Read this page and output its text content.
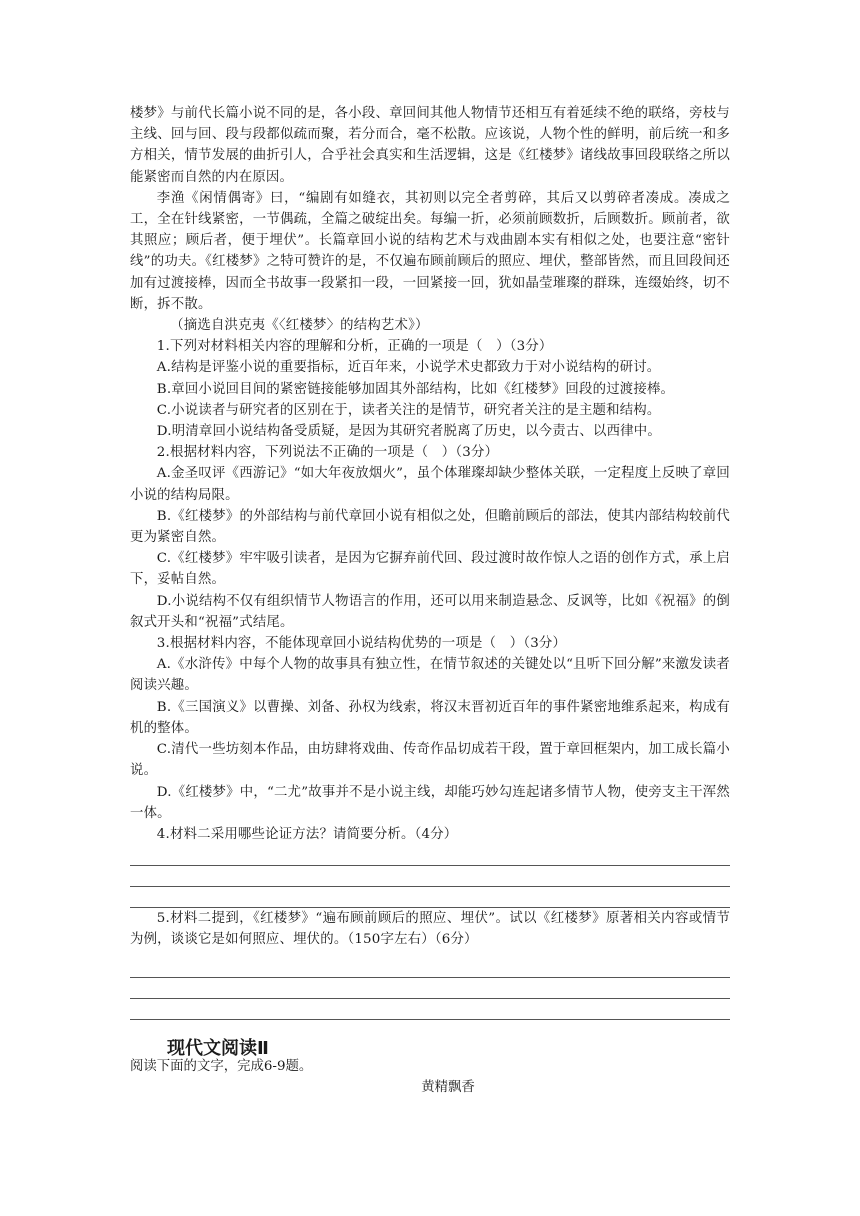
楼梦》与前代长篇小说不同的是，各小段、章回间其他人物情节还相互有着延续不绝的联络，旁枝与主线、回与回、段与段都似疏而聚，若分而合，毫不松散。应该说，人物个性的鲜明，前后统一和多方相关，情节发展的曲折引人，合乎社会真实和生活逻辑，这是《红楼梦》诸线故事回段联络之所以能紧密而自然的内在原因。

李渔《闲情偶寄》曰，“编剧有如缝衣，其初则以完全者剪碎，其后又以剪碎者凑成。凑成之工，全在针线紧密，一节偶疏，全篇之破绽出矣。每编一折，必须前顾数折，后顾数折。顾前者，欲其照应；顾后者，便于埋伏”。长篇章回小说的结构艺术与戏曲剧本实有相似之处，也要注意“密针线”的功夫。《红楼梦》之特可赞许的是，不仅遍布顾前顾后的照应、埋伏，整部皆然，而且回段间还加有过渡接棒，因而全书故事一段紧扣一段，一回紧接一回，犹如晶莹璀璨的群珠，连缀始终，切不断，拆不散。

（摘选自洪克夷《〈红楼梦〉的结构艺术》）

1.下列对材料相关内容的理解和分析，正确的一项是（　）（3分）

A.结构是评鉴小说的重要指标，近百年来，小说学术史都致力于对小说结构的研讨。

B.章回小说回目间的紧密链接能够加固其外部结构，比如《红楼梦》回段的过渡接棒。

C.小说读者与研究者的区别在于，读者关注的是情节，研究者关注的是主题和结构。

D.明清章回小说结构备受质疑，是因为其研究者脱离了历史，以今责古、以西律中。

2.根据材料内容，下列说法不正确的一项是（　）（3分）

A.金圣叹评《西游记》“如大年夜放烟火”，虽个体璀璨却缺少整体关联，一定程度上反映了章回小说的结构局限。

B.《红楼梦》的外部结构与前代章回小说有相似之处，但瞻前顾后的部法，使其内部结构较前代更为紧密自然。

C.《红楼梦》牢牢吸引读者，是因为它摒弃前代回、段过渡时故作惊人之语的创作方式，承上启下，妥帖自然。

D.小说结构不仅有组织情节人物语言的作用，还可以用来制造悬念、反讽等，比如《祝福》的倒叙式开头和“祝福”式结尾。

3.根据材料内容，不能体现章回小说结构优势的一项是（　）（3分）

A.《水浒传》中每个人物的故事具有独立性，在情节叙述的关键处以“且听下回分解”来激发读者阅读兴趣。

B.《三国演义》以曹操、刘备、孙权为线索，将汉末晋初近百年的事件紧密地维系起来，构成有机的整体。

C.清代一些坊刻本作品，由坊肆将戏曲、传奇作品切成若干段，置于章回框架内，加工成长篇小说。

D.《红楼梦》中，“二尤”故事并不是小说主线，却能巧妙勾连起诸多情节人物，使旁支主干浑然一体。

4.材料二采用哪些论证方法？请简要分析。（4分）

5.材料二提到，《红楼梦》“遍布顾前顾后的照应、埋伏”。试以《红楼梦》原著相关内容或情节为例，谈谈它是如何照应、埋伏的。（150字左右）（6分）

现代文阅读Ⅱ
阅读下面的文字，完成6-9题。
黄精飘香
